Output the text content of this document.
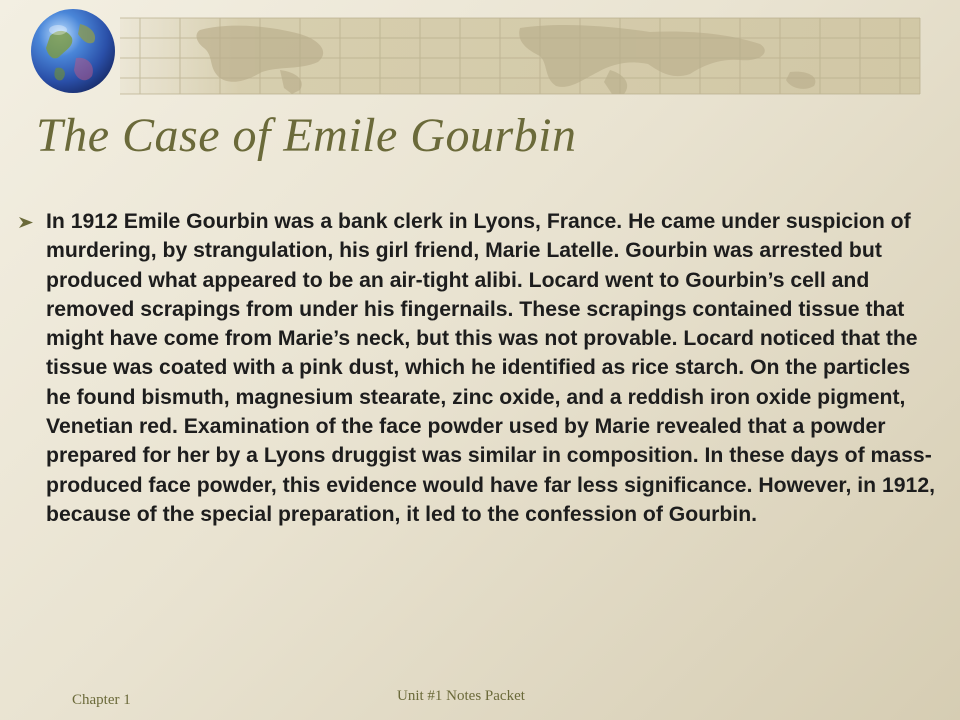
The Case of Emile Gourbin
In 1912 Emile Gourbin was a bank clerk in Lyons, France. He came under suspicion of murdering, by strangulation, his girl friend, Marie Latelle. Gourbin was arrested but produced what appeared to be an air-tight alibi. Locard went to Gourbin’s cell and removed scrapings from under his fingernails. These scrapings contained tissue that might have come from Marie’s neck, but this was not provable. Locard noticed that the tissue was coated with a pink dust, which he identified as rice starch. On the particles he found bismuth, magnesium stearate, zinc oxide, and a reddish iron oxide pigment, Venetian red. Examination of the face powder used by Marie revealed that a powder prepared for her by a Lyons druggist was similar in composition. In these days of mass-produced face powder, this evidence would have far less significance. However, in 1912, because of the special preparation, it led to the confession of Gourbin.
Chapter 1	Unit #1 Notes Packet
